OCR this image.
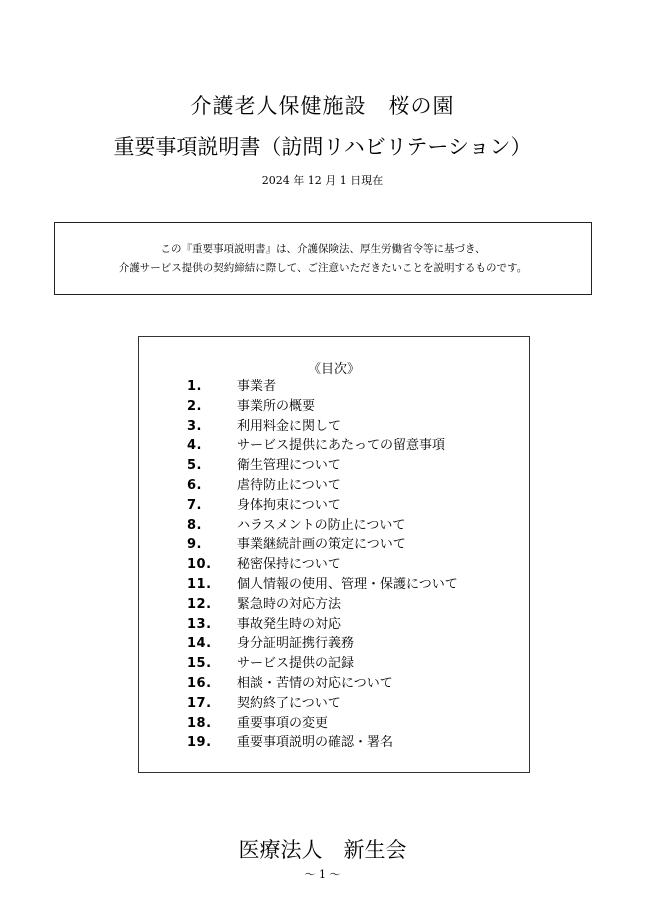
介護老人保健施設　桜の園
重要事項説明書（訪問リハビリテーション）
2024 年 12 月 1 日現在
この『重要事項説明書』は、介護保険法、厚生労働省令等に基づき、
介護サービス提供の契約締結に際して、ご注意いただきたいことを説明するものです。
《目次》
1.	事業者
2.	事業所の概要
3.	利用料金に関して
4.	サービス提供にあたっての留意事項
5.	衛生管理について
6.	虐待防止について
7.	身体拘束について
8.	ハラスメントの防止について
9.	事業継続計画の策定について
10. 秘密保持について
11. 個人情報の使用、管理・保護について
12. 緊急時の対応方法
13. 事故発生時の対応
14. 身分証明証携行義務
15. サービス提供の記録
16. 相談・苦情の対応について
17. 契約終了について
18. 重要事項の変更
19. 重要事項説明の確認・署名
医療法人　新生会
～ 1 ～
